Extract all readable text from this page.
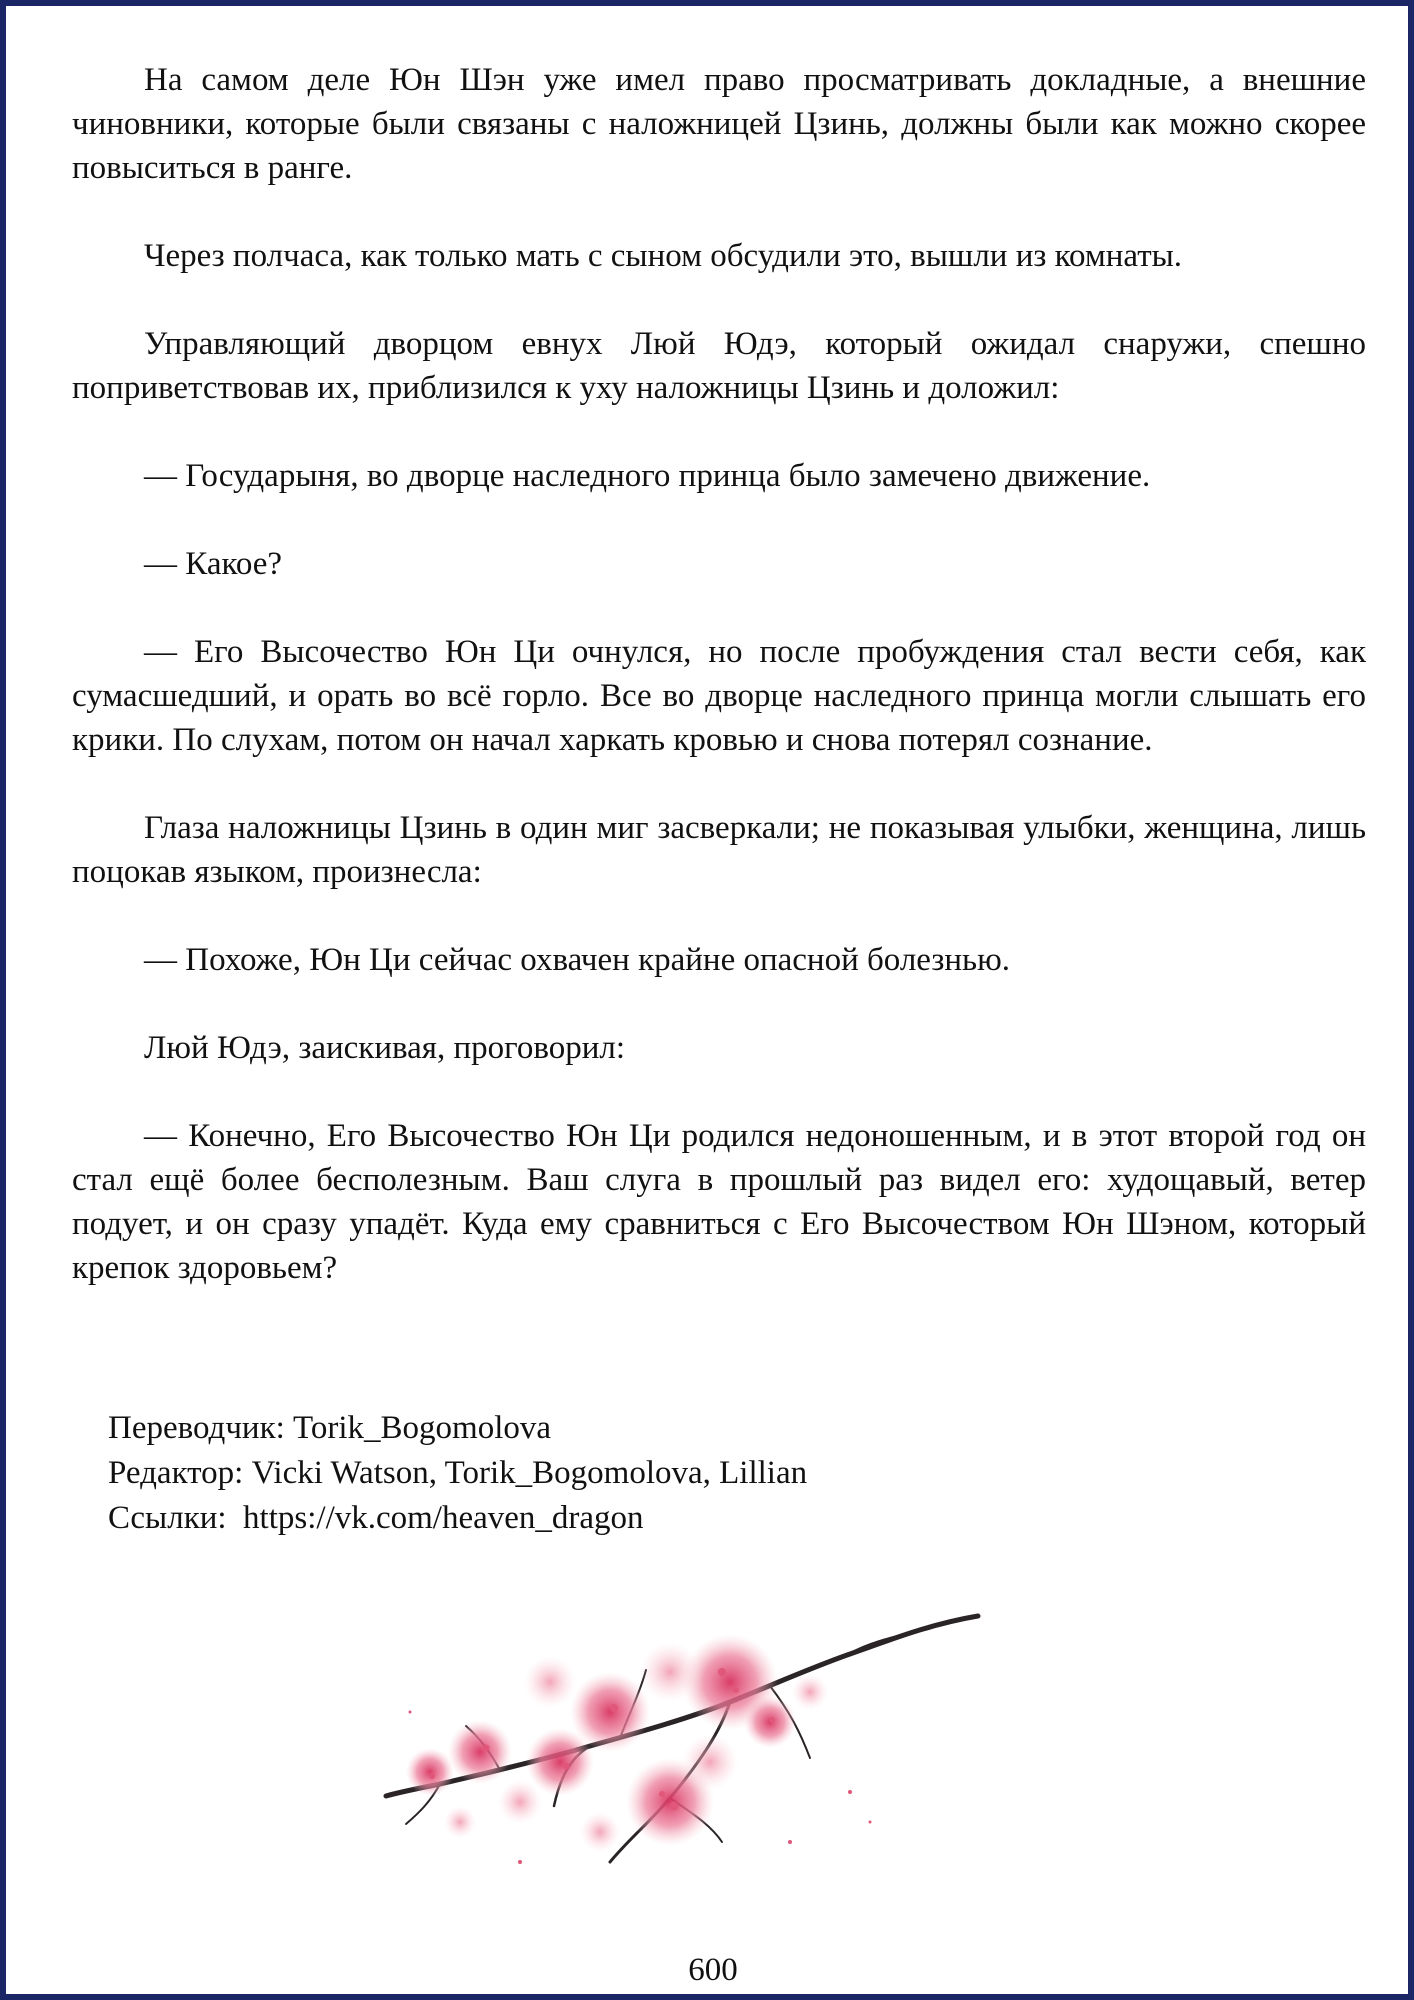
На самом деле Юн Шэн уже имел право просматривать докладные, а внешние чиновники, которые были связаны с наложницей Цзинь, должны были как можно скорее повыситься в ранге.

Через полчаса, как только мать с сыном обсудили это, вышли из комнаты.

Управляющий дворцом евнух Люй Юдэ, который ожидал снаружи, спешно поприветствовав их, приблизился к уху наложницы Цзинь и доложил:

— Государыня, во дворце наследного принца было замечено движение.

— Какое?

— Его Высочество Юн Ци очнулся, но после пробуждения стал вести себя, как сумасшедший, и орать во всё горло. Все во дворце наследного принца могли слышать его крики. По слухам, потом он начал харкать кровью и снова потерял сознание.

Глаза наложницы Цзинь в один миг засверкали; не показывая улыбки, женщина, лишь поцокав языком, произнесла:

— Похоже, Юн Ци сейчас охвачен крайне опасной болезнью.

Люй Юдэ, заискивая, проговорил:

— Конечно, Его Высочество Юн Ци родился недоношенным, и в этот второй год он стал ещё более бесполезным. Ваш слуга в прошлый раз видел его: худощавый, ветер подует, и он сразу упадёт. Куда ему сравниться с Его Высочеством Юн Шэном, который крепок здоровьем?

Переводчик: Torik_Bogomolova
Редактор: Vicki Watson, Torik_Bogomolova, Lillian
Ссылки:  https://vk.com/heaven_dragon
600
